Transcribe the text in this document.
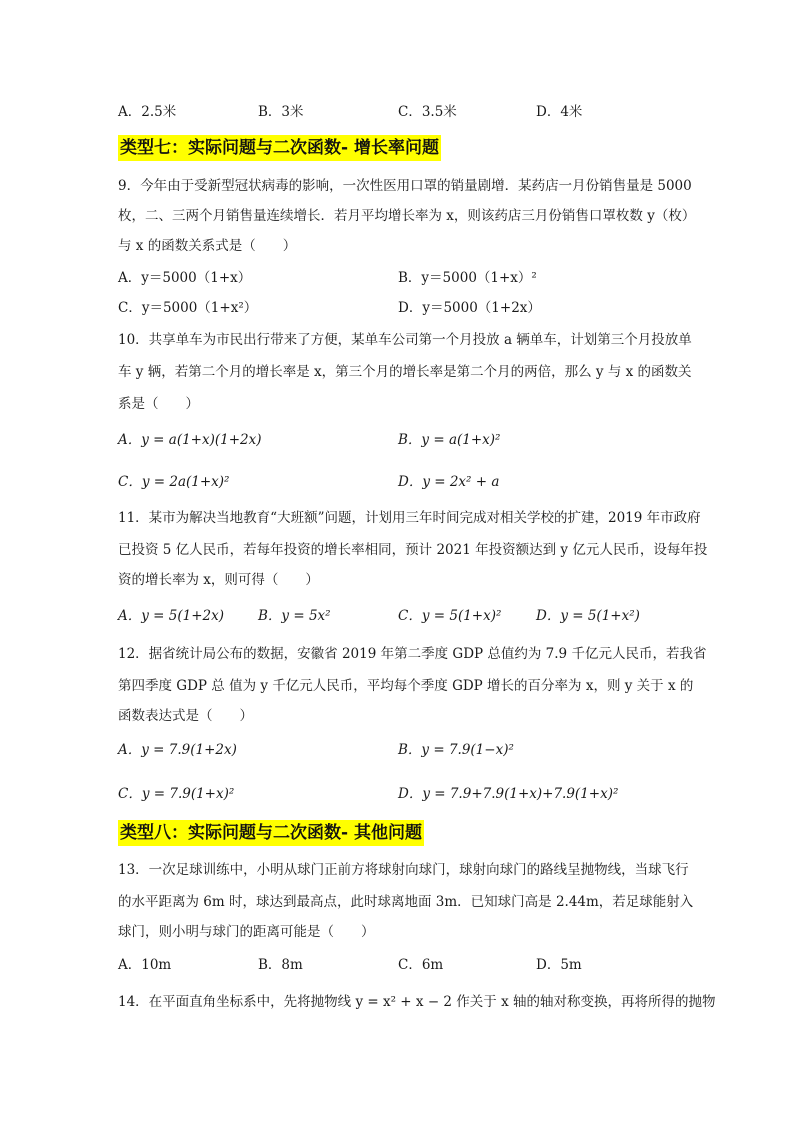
A．2.5米	B．3米	C．3.5米	D．4米
类型七：实际问题与二次函数- 增长率问题
9．今年由于受新型冠状病毒的影响，一次性医用口罩的销量剧增．某药店一月份销售量是 5000
枚，二、三两个月销售量连续增长．若月平均增长率为 x，则该药店三月份销售口罩枚数 y（枚）
与 x 的函数关系式是（　　）
A．y＝5000（1+x）	B．y＝5000（1+x）²
C．y＝5000（1+x²）	D．y＝5000（1+2x）
10．共享单车为市民出行带来了方便，某单车公司第一个月投放 a 辆单车，计划第三个月投放单
车 y 辆，若第二个月的增长率是 x，第三个月的增长率是第二个月的两倍，那么 y 与 x 的函数关
系是（　　）
A．y = a(1+x)(1+2x)	B．y = a(1+x)²
C．y = 2a(1+x)²	D．y = 2x² + a
11．某市为解决当地教育“大班额”问题，计划用三年时间完成对相关学校的扩建，2019 年市政府
已投资 5 亿人民币，若每年投资的增长率相同，预计 2021 年投资额达到 y 亿元人民币，设每年投
资的增长率为 x，则可得（　　）
A．y = 5(1+2x)	B．y = 5x²	C．y = 5(1+x)²	D．y = 5(1+x²)
12．据省统计局公布的数据，安徽省 2019 年第二季度 GDP 总值约为 7.9 千亿元人民币，若我省
第四季度 GDP 总 值为 y 千亿元人民币，平均每个季度 GDP 增长的百分率为 x，则 y 关于 x 的
函数表达式是（　　）
A．y = 7.9(1+2x)	B．y = 7.9(1−x)²
C．y = 7.9(1+x)²	D．y = 7.9+7.9(1+x)+7.9(1+x)²
类型八：实际问题与二次函数- 其他问题
13．一次足球训练中，小明从球门正前方将球射向球门，球射向球门的路线呈抛物线，当球飞行
的水平距离为 6m 时，球达到最高点，此时球离地面 3m．已知球门高是 2.44m，若足球能射入
球门，则小明与球门的距离可能是（　　）
A．10m	B．8m	C．6m	D．5m
14．在平面直角坐标系中，先将抛物线 y = x² + x − 2 作关于 x 轴的轴对称变换，再将所得的抛物
